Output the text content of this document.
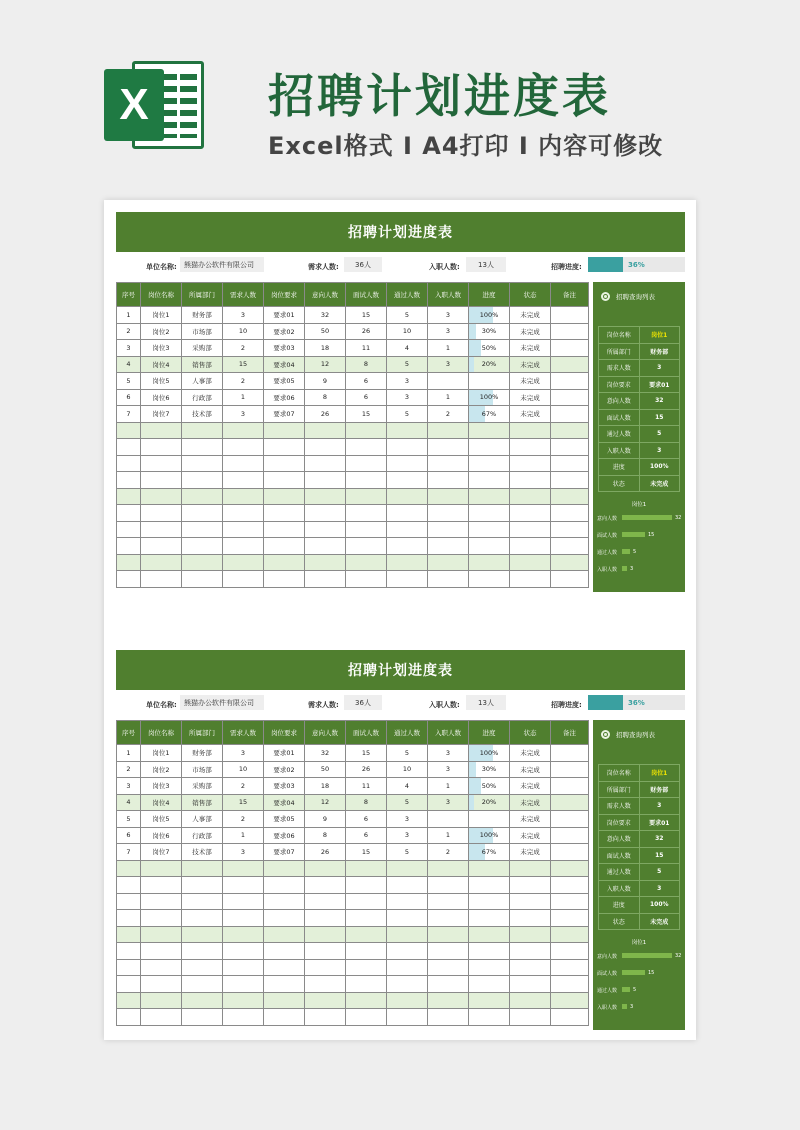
X	招聘计划进度表
Excel格式 I A4打印 I 内容可修改
招聘计划进度表
单位名称:	熊猫办公软件有限公司	需求人数:	36人	入职人数:	13人	招聘进度:	36%
序号	岗位名称	所属部门	需求人数	岗位要求	意向人数	面试人数	通过人数	入职人数	进度	状态	备注
1	岗位1	财务部	3	要求01	32	15	5	3	100%	未完成	
2	岗位2	市场部	10	要求02	50	26	10	3	30%	未完成	
3	岗位3	采购部	2	要求03	18	11	4	1	50%	未完成	
4	岗位4	销售部	15	要求04	12	8	5	3	20%	未完成	
5	岗位5	人事部	2	要求05	9	6	3			未完成	
6	岗位6	行政部	1	要求06	8	6	3	1	100%	未完成	
7	岗位7	技术部	3	要求07	26	15	5	2	67%	未完成	

招聘查询列表
岗位名称	岗位1
所属部门	财务部
需求人数	3
岗位要求	要求01
意向人数	32
面试人数	15
通过人数	5
入职人数	3
进度	100%
状态	未完成
岗位1
意向人数	32
面试人数	15
通过人数	5
入职人数	3
招聘计划进度表
单位名称:	熊猫办公软件有限公司	需求人数:	36人	入职人数:	13人	招聘进度:	36%
序号	岗位名称	所属部门	需求人数	岗位要求	意向人数	面试人数	通过人数	入职人数	进度	状态	备注
1	岗位1	财务部	3	要求01	32	15	5	3	100%	未完成	
2	岗位2	市场部	10	要求02	50	26	10	3	30%	未完成	
3	岗位3	采购部	2	要求03	18	11	4	1	50%	未完成	
4	岗位4	销售部	15	要求04	12	8	5	3	20%	未完成	
5	岗位5	人事部	2	要求05	9	6	3			未完成	
6	岗位6	行政部	1	要求06	8	6	3	1	100%	未完成	
7	岗位7	技术部	3	要求07	26	15	5	2	67%	未完成	

招聘查询列表
岗位名称	岗位1
所属部门	财务部
需求人数	3
岗位要求	要求01
意向人数	32
面试人数	15
通过人数	5
入职人数	3
进度	100%
状态	未完成
岗位1
意向人数	32
面试人数	15
通过人数	5
入职人数	3
